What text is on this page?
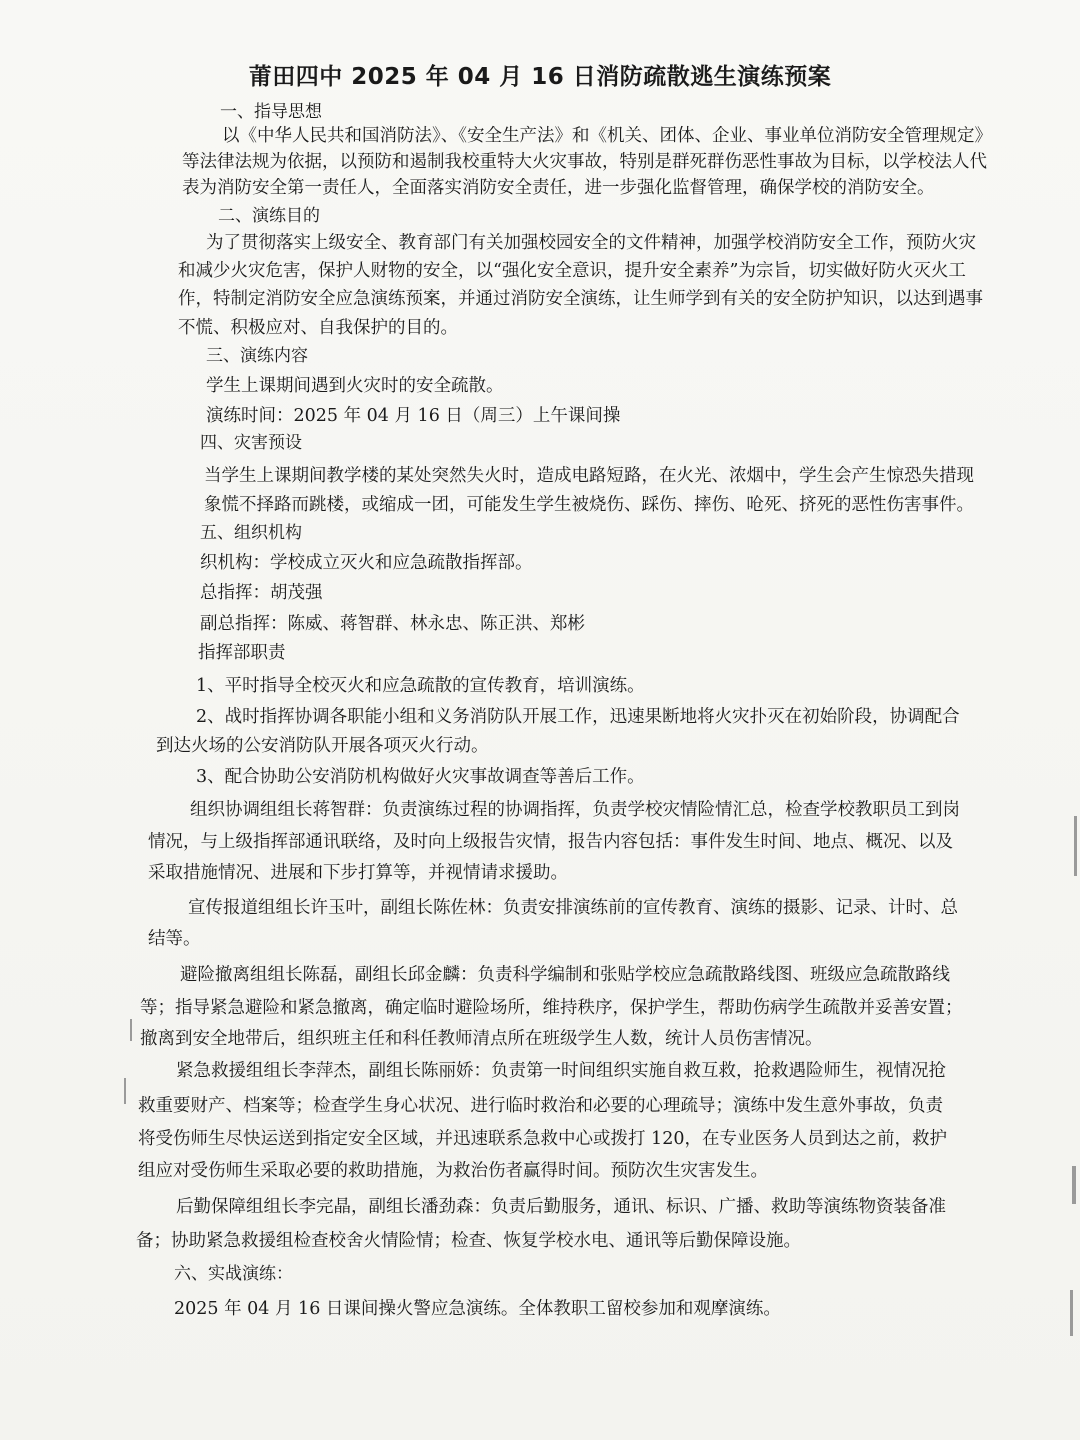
莆田四中 2025 年 04 月 16 日消防疏散逃生演练预案
一、指导思想
以《中华人民共和国消防法》、《安全生产法》和《机关、团体、企业、事业单位消防安全管理规定》
等法律法规为依据，以预防和遏制我校重特大火灾事故，特别是群死群伤恶性事故为目标，以学校法人代
表为消防安全第一责任人，全面落实消防安全责任，进一步强化监督管理，确保学校的消防安全。
二、演练目的
为了贯彻落实上级安全、教育部门有关加强校园安全的文件精神，加强学校消防安全工作，预防火灾
和减少火灾危害，保护人财物的安全，以“强化安全意识，提升安全素养”为宗旨，切实做好防火灭火工
作，特制定消防安全应急演练预案，并通过消防安全演练，让生师学到有关的安全防护知识，以达到遇事
不慌、积极应对、自我保护的目的。
三、演练内容
学生上课期间遇到火灾时的安全疏散。
演练时间：2025 年 04 月 16 日（周三）上午课间操
四、灾害预设
当学生上课期间教学楼的某处突然失火时，造成电路短路，在火光、浓烟中，学生会产生惊恐失措现
象慌不择路而跳楼，或缩成一团，可能发生学生被烧伤、踩伤、摔伤、呛死、挤死的恶性伤害事件。
五、组织机构
织机构：学校成立灭火和应急疏散指挥部。
总指挥：胡茂强
副总指挥：陈威、蒋智群、林永忠、陈正洪、郑彬
指挥部职责
1、平时指导全校灭火和应急疏散的宣传教育，培训演练。
2、战时指挥协调各职能小组和义务消防队开展工作，迅速果断地将火灾扑灭在初始阶段，协调配合
到达火场的公安消防队开展各项灭火行动。
3、配合协助公安消防机构做好火灾事故调查等善后工作。
组织协调组组长蒋智群：负责演练过程的协调指挥，负责学校灾情险情汇总，检查学校教职员工到岗
情况，与上级指挥部通讯联络，及时向上级报告灾情，报告内容包括：事件发生时间、地点、概况、以及
采取措施情况、进展和下步打算等，并视情请求援助。
宣传报道组组长许玉叶，副组长陈佐林：负责安排演练前的宣传教育、演练的摄影、记录、计时、总
结等。
避险撤离组组长陈磊，副组长邱金麟：负责科学编制和张贴学校应急疏散路线图、班级应急疏散路线
等；指导紧急避险和紧急撤离，确定临时避险场所，维持秩序，保护学生，帮助伤病学生疏散并妥善安置；
撤离到安全地带后，组织班主任和科任教师清点所在班级学生人数，统计人员伤害情况。
紧急救援组组长李萍杰，副组长陈丽娇：负责第一时间组织实施自救互救，抢救遇险师生，视情况抢
救重要财产、档案等；检查学生身心状况、进行临时救治和必要的心理疏导；演练中发生意外事故，负责
将受伤师生尽快运送到指定安全区域，并迅速联系急救中心或拨打 120，在专业医务人员到达之前，救护
组应对受伤师生采取必要的救助措施，为救治伤者赢得时间。预防次生灾害发生。
后勤保障组组长李完晶，副组长潘劲森：负责后勤服务，通讯、标识、广播、救助等演练物资装备准
备；协助紧急救援组检查校舍火情险情；检查、恢复学校水电、通讯等后勤保障设施。
六、实战演练：
2025 年 04 月 16 日课间操火警应急演练。全体教职工留校参加和观摩演练。
